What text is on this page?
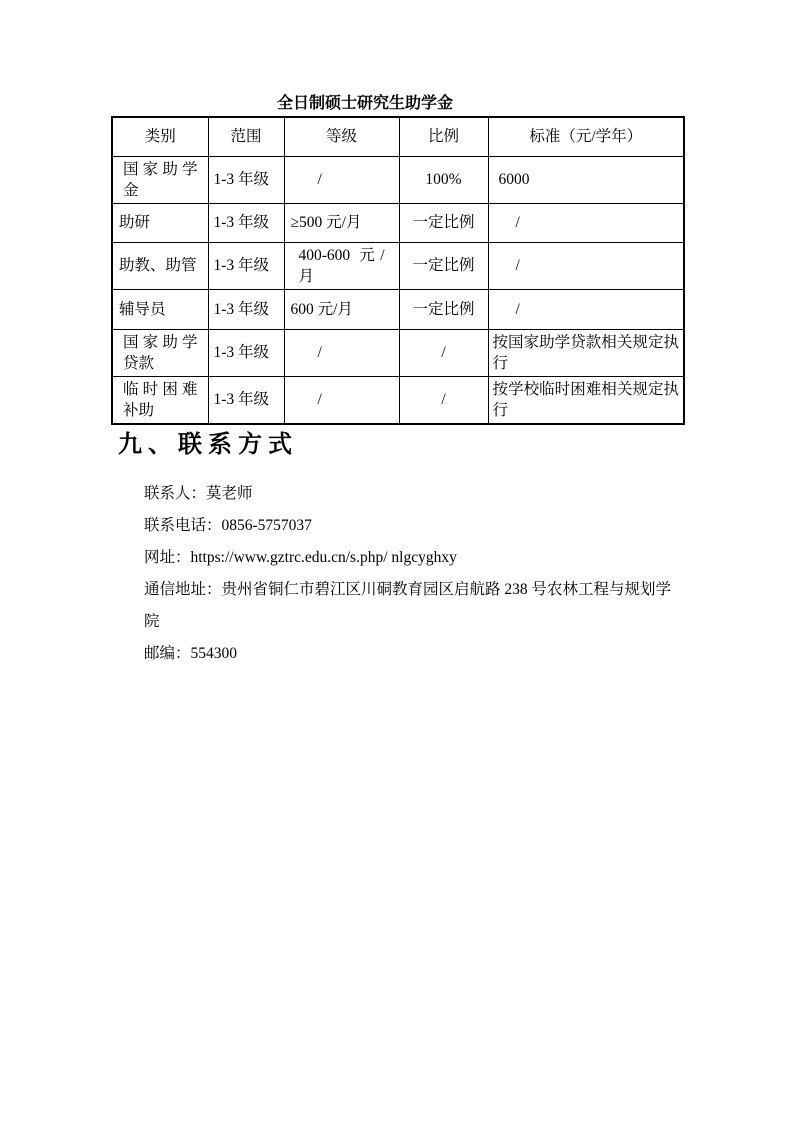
全日制硕士研究生助学金
类别	范围	等级	比例	标准（元/学年）
国家助学金	1-3 年级	/	100%	6000
助研	1-3 年级	≥500 元/月	一定比例	/
助教、助管	1-3 年级	400-600 元/月	一定比例	/
辅导员	1-3 年级	600 元/月	一定比例	/
国家助学贷款	1-3 年级	/	/	按国家助学贷款相关规定执行
临时困难补助	1-3 年级	/	/	按学校临时困难相关规定执行
九、联系方式

联系人：莫老师

联系电话：0856-5757037

网址：https://www.gztrc.edu.cn/s.php/ nlgcyghxy

通信地址：贵州省铜仁市碧江区川硐教育园区启航路 238 号农林工程与规划学院

邮编：554300
